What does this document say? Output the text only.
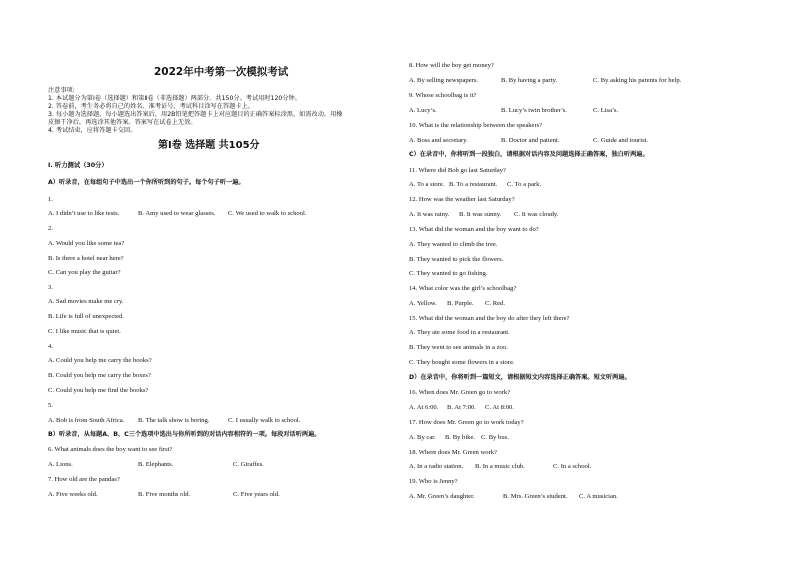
2022年中考第一次模拟考试
注意事项:
1. 本试题分为第Ⅰ卷（选择题）和第Ⅱ卷（非选择题）两部分。共150分。考试用时120分钟。
2. 答卷前，考生务必将自己的姓名、准考证号、考试科目涂写在答题卡上。
3. 每小题为选择题，每小题选出答案后，用2B铅笔把答题卡上对应题目的正确答案标涂黑，如需改动，用橡
皮擦干净后，再选涂其他答案。答案写在试卷上无效。
4. 考试结束，应将答题卡交回。
第Ⅰ卷 选择题 共105分
Ⅰ. 听力测试（30分）
A）听录音，在每组句子中选出一个你所听到的句子。每个句子听一遍。
1.
A. I didn’t use to like tests.	B. Amy used to wear glasses. C. We used to walk to school.
2.
A. Would you like some tea?
B. Is there a hotel near here?
C. Can you play the guitar?
3.
A. Sad movies make me cry.
B. Life is full of unexpected.
C. I like music that is quiet.
4.
A. Could you help me carry the books?
B. Could you help me carry the boxes?
C. Could you help me find the books?
5.
A. Bob is from South Africa. B. The talk show is boring.	C. I usually walk to school.
B）听录音，从每题A、B、C三个选项中选出与你所听到的对话内容相符的一项。每段对话听两遍。
6. What animals does the boy want to see first?
A. Lions.	B. Elephants.	C. Giraffes.
7. How old are the pandas?
A. Five weeks old.	B. Five months old.	C. Five years old.
8. How will the boy get money?
A. By selling newspapers.	B. By having a party.	C. By asking his parents for help.
9. Whose schoolbag is it?
A. Lucy’s.	B. Lucy’s twin brother’s.	C. Lisa’s.
10. What is the relationship between the speakers?
A. Boss and secretary.	B. Doctor and patient.	C. Guide and tourist.
C）在录音中，你将听到一段独白，请根据对话内容及问题选择正确答案，独白听两遍。
11. Where did Bob go last Saturday?
A. To a store. B. To a restaurant. C. To a park.
12. How was the weather last Saturday?
A. It was rainy. B. It was sunny. C. It was cloudy.
13. What did the woman and the boy want to do?
A. They wanted to climb the tree.
B. They wanted to pick the flowers.
C. They wanted to go fishing.
14. What color was the girl’s schoolbag?
A. Yellow. B. Purple. C. Red.
15. What did the woman and the boy do after they left there?
A. They ate some food in a restaurant.
B. They went to see animals in a zoo.
C. They bought some flowers in a store.
D）在录音中，你将听到一篇短文，请根据短文内容选择正确答案。短文听两遍。
16. When does Mr. Green go to work?
A. At 6:00. B. At 7:00. C. At 8:00.
17. How does Mr. Green go to work today?
A. By car. B. By bike. C. By bus.
18. Where does Mr. Green work?
A. In a radio station. B. In a music club.	C. In a school.
19. Who is Jenny?
A. Mr. Green’s daughter.	B. Mrs. Green’s student. C. A musician.
